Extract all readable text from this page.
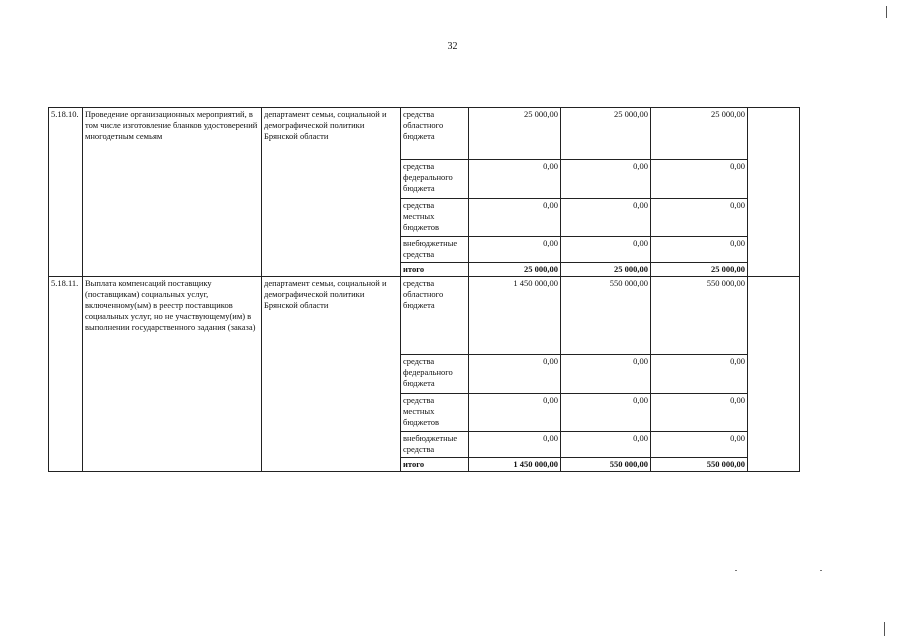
32
5.18.10.	Проведение организационных мероприятий, в том числе изготовление бланков удостоверений многодетным семьям	департамент семьи, социальной и демографической политики Брянской области	средства областного бюджета	25 000,00	25 000,00	25 000,00	
			средства федерального бюджета	0,00	0,00	0,00	
			средства местных бюджетов	0,00	0,00	0,00	
			внебюджетные средства	0,00	0,00	0,00	
			итого	25 000,00	25 000,00	25 000,00	
5.18.11.	Выплата компенсаций поставщику (поставщикам) социальных услуг, включенному(ым) в реестр поставщиков социальных услуг, но не участвующему(им) в выполнении государственного задания (заказа)	департамент семьи, социальной и демографической политики Брянской области	средства областного бюджета	1 450 000,00	550 000,00	550 000,00	
			средства федерального бюджета	0,00	0,00	0,00	
			средства местных бюджетов	0,00	0,00	0,00	
			внебюджетные средства	0,00	0,00	0,00	
			итого	1 450 000,00	550 000,00	550 000,00	
